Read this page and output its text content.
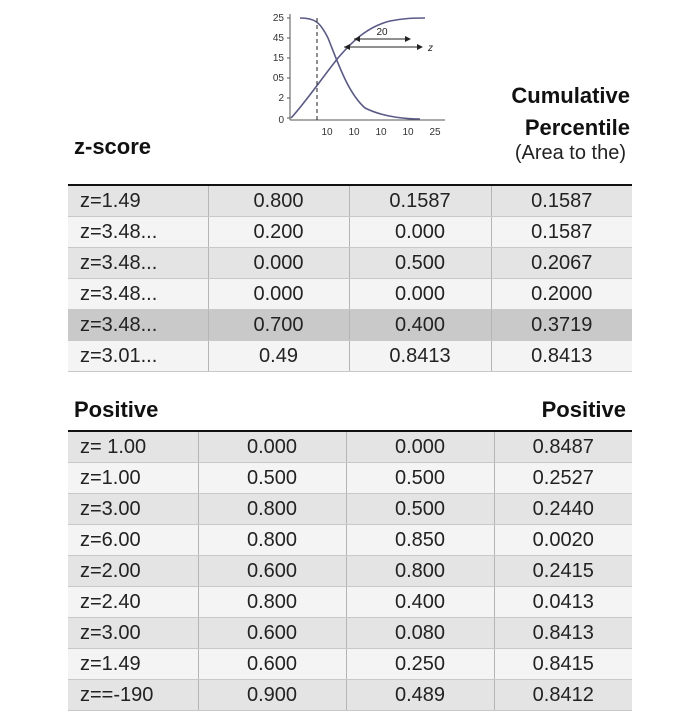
25
45
15
05
2
0
10 10 10 10 25
20
z
z-score
Cumulative
Percentile
(Area to the)
z=1.49	0.800	0.1587	0.1587
z=3.48...	0.200	0.000	0.1587
z=3.48...	0.000	0.500	0.2067
z=3.48...	0.000	0.000	0.2000
z=3.48...	0.700	0.400	0.3719
z=3.01...	0.49	0.8413	0.8413
Positive	Positive
z= 1.00	0.000	0.000	0.8487
z=1.00	0.500	0.500	0.2527
z=3.00	0.800	0.500	0.2440
z=6.00	0.800	0.850	0.0020
z=2.00	0.600	0.800	0.2415
z=2.40	0.800	0.400	0.0413
z=3.00	0.600	0.080	0.8413
z=1.49	0.600	0.250	0.8415
z==-190	0.900	0.489	0.8412
